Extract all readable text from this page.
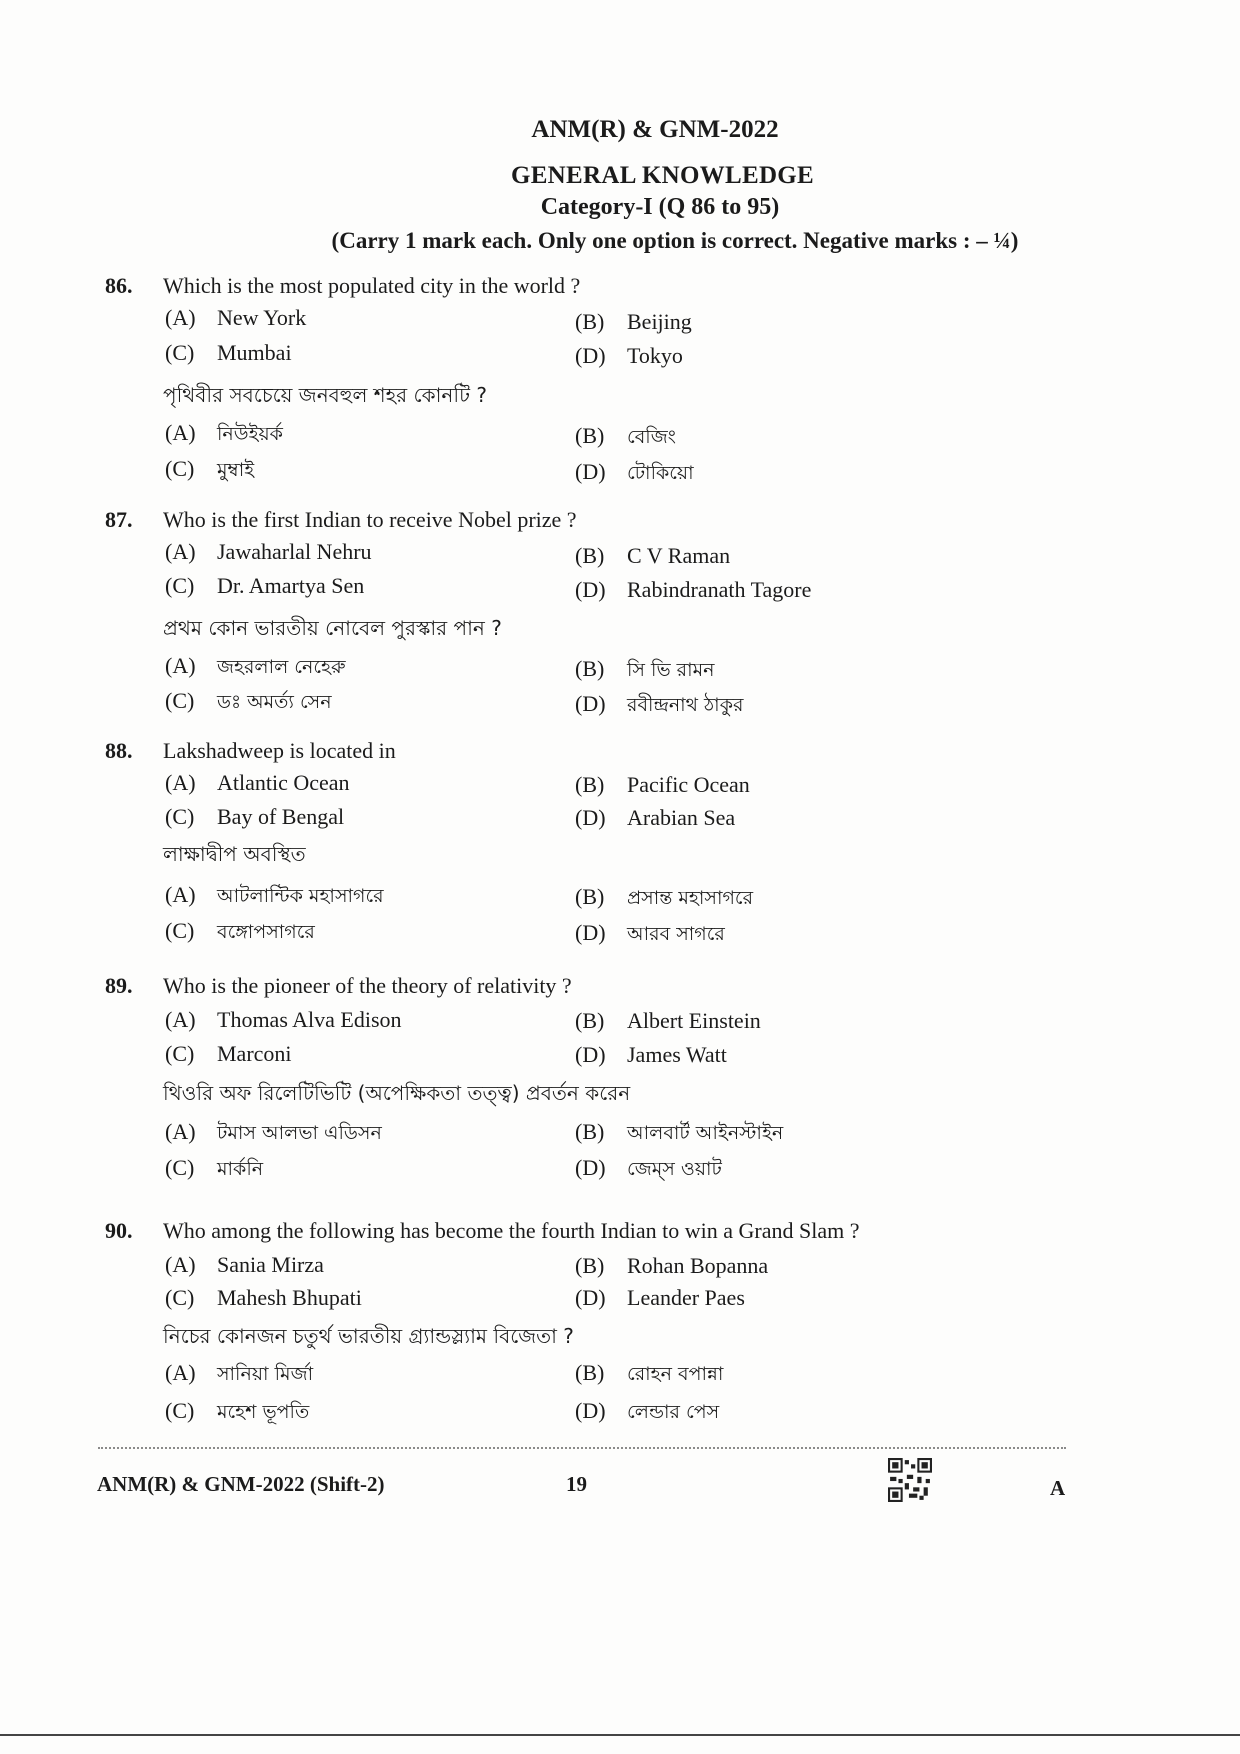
ANM(R) & GNM-2022
GENERAL KNOWLEDGE
Category-I (Q 86 to 95)
(Carry 1 mark each. Only one option is correct. Negative marks : – ¼)
86. Which is the most populated city in the world ?
(A) New York	(B) Beijing
(C) Mumbai	(D) Tokyo
পৃথিবীর সবচেয়ে জনবহুল শহর কোনটি ?
(A) নিউইয়র্ক	(B) বেজিং
(C) মুম্বাই	(D) টোকিয়ো
87. Who is the first Indian to receive Nobel prize ?
(A) Jawaharlal Nehru	(B) C V Raman
(C) Dr. Amartya Sen	(D) Rabindranath Tagore
প্রথম কোন ভারতীয় নোবেল পুরস্কার পান ?
(A) জহরলাল নেহেরু	(B) সি ভি রামন
(C) ডঃ অমর্ত্য সেন	(D) রবীন্দ্রনাথ ঠাকুর
88. Lakshadweep is located in
(A) Atlantic Ocean	(B) Pacific Ocean
(C) Bay of Bengal	(D) Arabian Sea
লাক্ষাদ্বীপ অবস্থিত
(A) আটলান্টিক মহাসাগরে	(B) প্রসান্ত মহাসাগরে
(C) বঙ্গোপসাগরে	(D) আরব সাগরে
89. Who is the pioneer of the theory of relativity ?
(A) Thomas Alva Edison	(B) Albert Einstein
(C) Marconi	(D) James Watt
থিওরি অফ রিলেটিভিটি (অপেক্ষিকতা তত্ত্ব) প্রবর্তন করেন
(A) টমাস আলভা এডিসন	(B) আলবার্ট আইনস্টাইন
(C) মার্কনি	(D) জেম্‌স ওয়াট
90. Who among the following has become the fourth Indian to win a Grand Slam ?
(A) Sania Mirza	(B) Rohan Bopanna
(C) Mahesh Bhupati	(D) Leander Paes
নিচের কোনজন চতুর্থ ভারতীয় গ্র্যান্ডস্ল্যাম বিজেতা ?
(A) সানিয়া মির্জা	(B) রোহন বপান্না
(C) মহেশ ভূপতি	(D) লেন্ডার পেস
ANM(R) & GNM-2022 (Shift-2)	19	A
